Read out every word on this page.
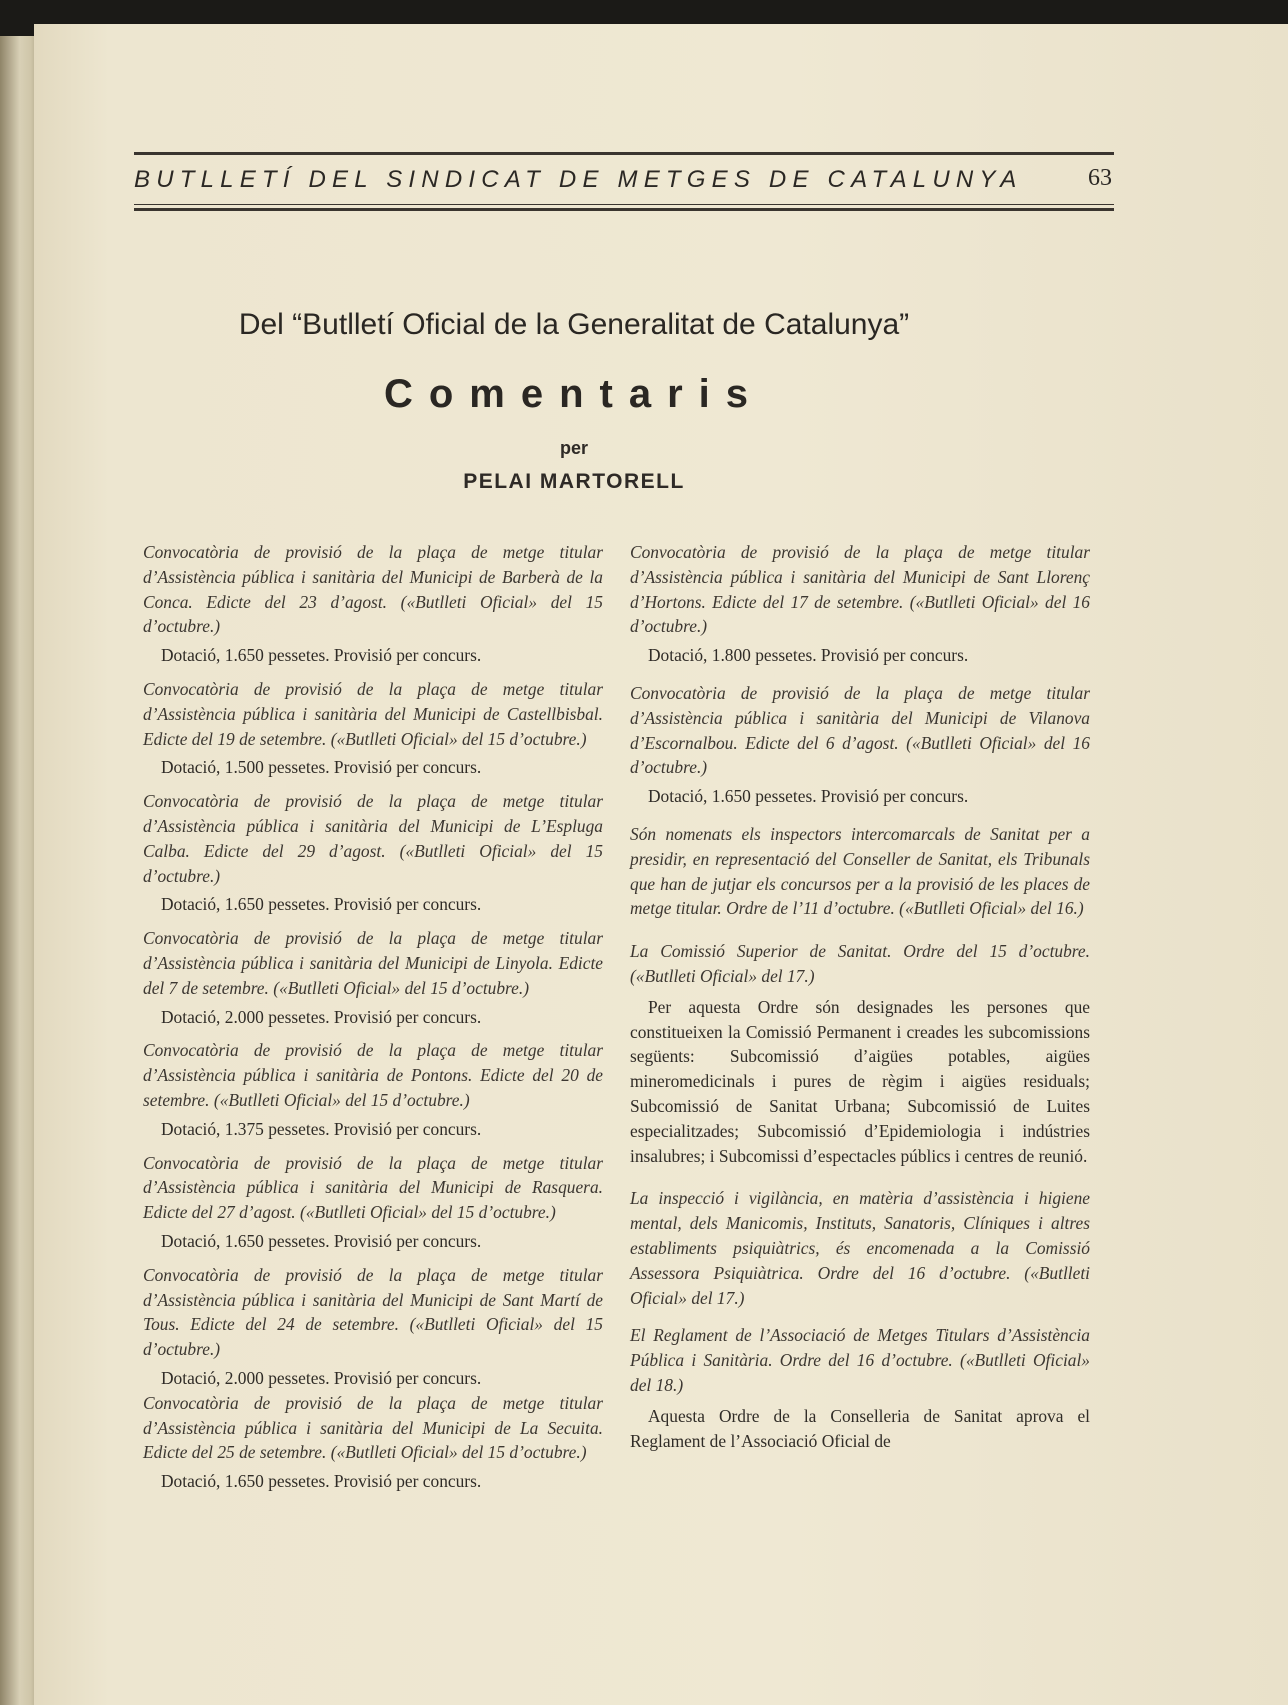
BUTLLETÍ DEL SINDICAT DE METGES DE CATALUNYA	63
Del “Butlletí Oficial de la Generalitat de Catalunya”
Comentaris
per
PELAI MARTORELL

Convocatòria de provisió de la plaça de metge titular d’Assistència pública i sanitària del Municipi de Barberà de la Conca. Edicte del 23 d’agost. («Butlleti Oficial» del 15 d’octubre.)

Dotació, 1.650 pessetes. Provisió per concurs.

Convocatòria de provisió de la plaça de metge titular d’Assistència pública i sanitària del Municipi de Castellbisbal. Edicte del 19 de setembre. («Butlleti Oficial» del 15 d’octubre.)

Dotació, 1.500 pessetes. Provisió per concurs.

Convocatòria de provisió de la plaça de metge titular d’Assistència pública i sanitària del Municipi de L’Espluga Calba. Edicte del 29 d’agost. («Butlleti Oficial» del 15 d’octubre.)

Dotació, 1.650 pessetes. Provisió per concurs.

Convocatòria de provisió de la plaça de metge titular d’Assistència pública i sanitària del Municipi de Linyola. Edicte del 7 de setembre. («Butlleti Oficial» del 15 d’octubre.)

Dotació, 2.000 pessetes. Provisió per concurs.

Convocatòria de provisió de la plaça de metge titular d’Assistència pública i sanitària de Pontons. Edicte del 20 de setembre. («Butlleti Oficial» del 15 d’octubre.)

Dotació, 1.375 pessetes. Provisió per concurs.

Convocatòria de provisió de la plaça de metge titular d’Assistència pública i sanitària del Municipi de Rasquera. Edicte del 27 d’agost. («Butlleti Oficial» del 15 d’octubre.)

Dotació, 1.650 pessetes. Provisió per concurs.

Convocatòria de provisió de la plaça de metge titular d’Assistència pública i sanitària del Municipi de Sant Martí de Tous. Edicte del 24 de setembre. («Butlleti Oficial» del 15 d’octubre.)

Dotació, 2.000 pessetes. Provisió per concurs.

Convocatòria de provisió de la plaça de metge titular d’Assistència pública i sanitària del Municipi de La Secuita. Edicte del 25 de setembre. («Butlleti Oficial» del 15 d’octubre.)

Dotació, 1.650 pessetes. Provisió per concurs.

Convocatòria de provisió de la plaça de metge titular d’Assistència pública i sanitària del Municipi de Sant Llorenç d’Hortons. Edicte del 17 de setembre. («Butlleti Oficial» del 16 d’octubre.)

Dotació, 1.800 pessetes. Provisió per concurs.

Convocatòria de provisió de la plaça de metge titular d’Assistència pública i sanitària del Municipi de Vilanova d’Escornalbou. Edicte del 6 d’agost. («Butlleti Oficial» del 16 d’octubre.)

Dotació, 1.650 pessetes. Provisió per concurs.

Són nomenats els inspectors intercomarcals de Sanitat per a presidir, en representació del Conseller de Sanitat, els Tribunals que han de jutjar els concursos per a la provisió de les places de metge titular. Ordre de l’11 d’octubre. («Butlleti Oficial» del 16.)

La Comissió Superior de Sanitat. Ordre del 15 d’octubre. («Butlleti Oficial» del 17.)

Per aquesta Ordre són designades les persones que constitueixen la Comissió Permanent i creades les subcomissions següents: Subcomissió d’aigües potables, aigües mineromedicinals i pures de règim i aigües residuals; Subcomissió de Sanitat Urbana; Subcomissió de Luites especialitzades; Subcomissió d’Epidemiologia i indústries insalubres; i Subcomissi d’espectacles públics i centres de reunió.

La inspecció i vigilància, en matèria d’assistència i higiene mental, dels Manicomis, Instituts, Sanatoris, Clíniques i altres establiments psiquiàtrics, és encomenada a la Comissió Assessora Psiquiàtrica. Ordre del 16 d’octubre. («Butlleti Oficial» del 17.)

El Reglament de l’Associació de Metges Titulars d’Assistència Pública i Sanitària. Ordre del 16 d’octubre. («Butlleti Oficial» del 18.)

Aquesta Ordre de la Conselleria de Sanitat aprova el Reglament de l’Associació Oficial de
